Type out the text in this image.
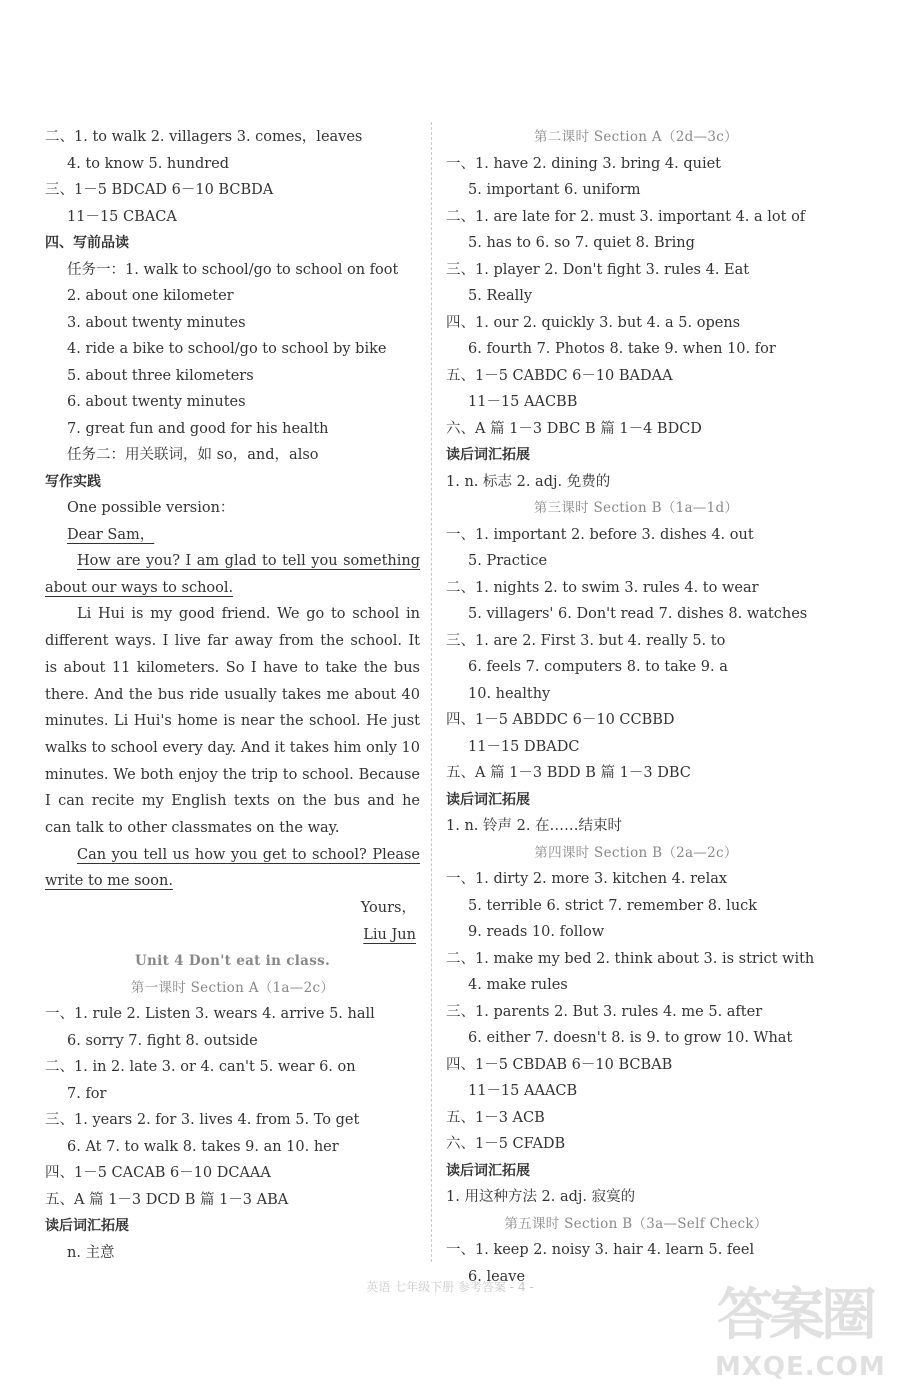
二、1. to walk 2. villagers 3. comes，leaves
4. to know 5. hundred
三、1－5 BDCAD 6－10 BCBDA
11－15 CBACA
四、写前品读
任务一：1. walk to school/go to school on foot
2. about one kilometer
3. about twenty minutes
4. ride a bike to school/go to school by bike
5. about three kilometers
6. about twenty minutes
7. great fun and good for his health
任务二：用关联词，如 so，and，also
写作实践
One possible version：
Dear Sam，
How are you? I am glad to tell you something about our ways to school.
Li Hui is my good friend. We go to school in different ways. I live far away from the school. It is about 11 kilometers. So I have to take the bus there. And the bus ride usually takes me about 40 minutes. Li Hui's home is near the school. He just walks to school every day. And it takes him only 10 minutes. We both enjoy the trip to school. Because I can recite my English texts on the bus and he can talk to other classmates on the way.
Can you tell us how you get to school? Please write to me soon.
Yours，
Liu Jun
Unit 4 Don't eat in class.
第一课时 Section A（1a—2c）
一、1. rule 2. Listen 3. wears 4. arrive 5. hall
6. sorry 7. fight 8. outside
二、1. in 2. late 3. or 4. can't 5. wear 6. on
7. for
三、1. years 2. for 3. lives 4. from 5. To get
6. At 7. to walk 8. takes 9. an 10. her
四、1－5 CACAB 6－10 DCAAA
五、A 篇 1－3 DCD B 篇 1－3 ABA
读后词汇拓展
n. 主意
第二课时 Section A（2d—3c）
一、1. have 2. dining 3. bring 4. quiet
5. important 6. uniform
二、1. are late for 2. must 3. important 4. a lot of
5. has to 6. so 7. quiet 8. Bring
三、1. player 2. Don't fight 3. rules 4. Eat
5. Really
四、1. our 2. quickly 3. but 4. a 5. opens
6. fourth 7. Photos 8. take 9. when 10. for
五、1－5 CABDC 6－10 BADAA
11－15 AACBB
六、A 篇 1－3 DBC B 篇 1－4 BDCD
读后词汇拓展
1. n. 标志 2. adj. 免费的
第三课时 Section B（1a—1d）
一、1. important 2. before 3. dishes 4. out
5. Practice
二、1. nights 2. to swim 3. rules 4. to wear
5. villagers' 6. Don't read 7. dishes 8. watches
三、1. are 2. First 3. but 4. really 5. to
6. feels 7. computers 8. to take 9. a
10. healthy
四、1－5 ABDDC 6－10 CCBBD
11－15 DBADC
五、A 篇 1－3 BDD B 篇 1－3 DBC
读后词汇拓展
1. n. 铃声 2. 在……结束时
第四课时 Section B（2a—2c）
一、1. dirty 2. more 3. kitchen 4. relax
5. terrible 6. strict 7. remember 8. luck
9. reads 10. follow
二、1. make my bed 2. think about 3. is strict with
4. make rules
三、1. parents 2. But 3. rules 4. me 5. after
6. either 7. doesn't 8. is 9. to grow 10. What
四、1－5 CBDAB 6－10 BCBAB
11－15 AAACB
五、1－3 ACB
六、1－5 CFADB
读后词汇拓展
1. 用这种方法 2. adj. 寂寞的
第五课时 Section B（3a—Self Check）
一、1. keep 2. noisy 3. hair 4. learn 5. feel
6. leave
英语 七年级下册 参考答案 - 4 -	答案圈
MXQE.COM
